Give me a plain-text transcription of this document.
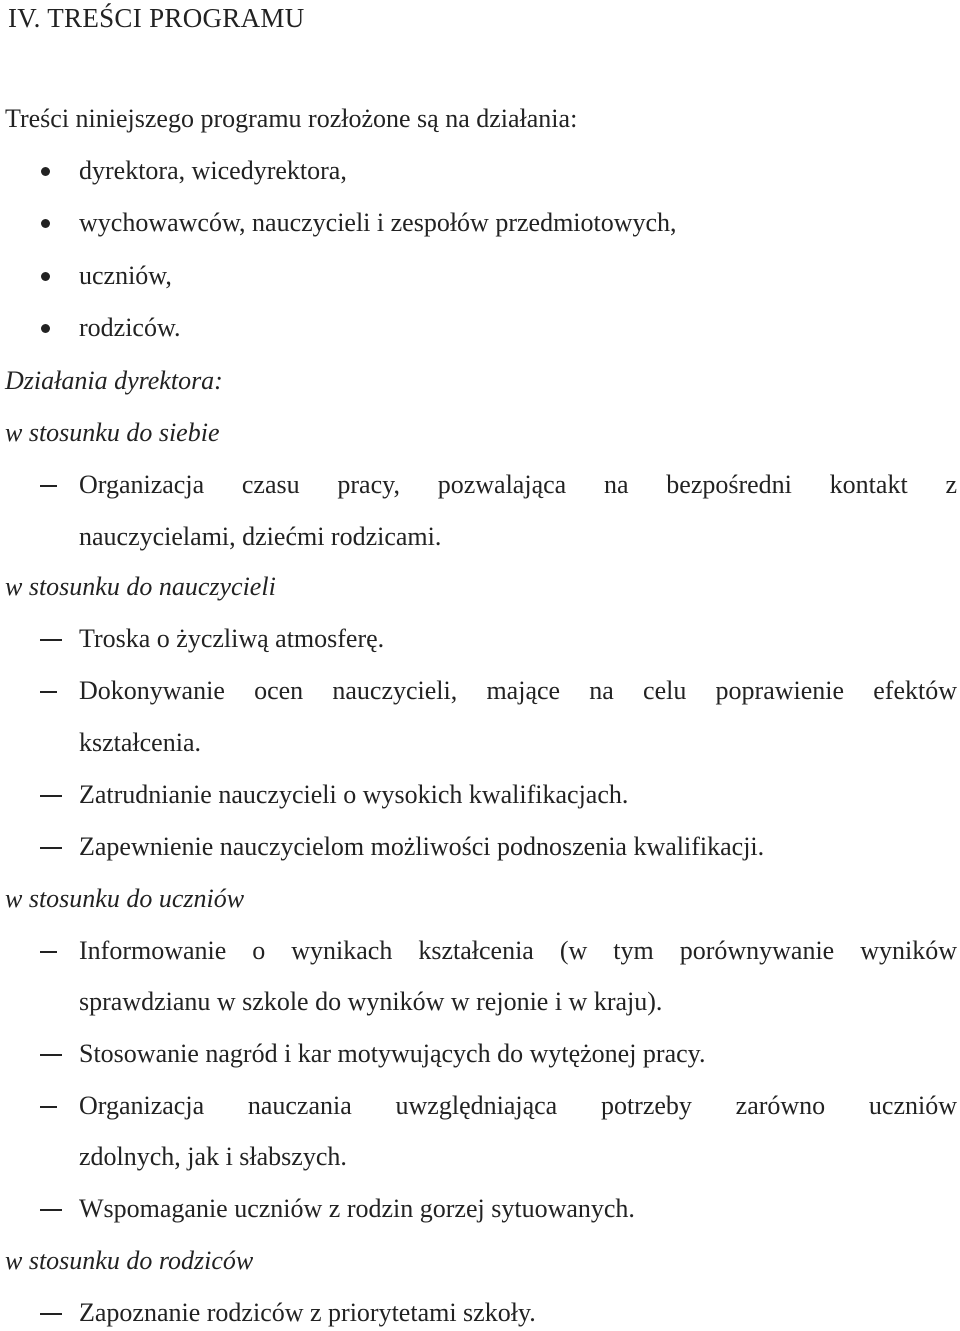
IV. TREŚCI PROGRAMU
Treści niniejszego programu rozłożone są na działania:
dyrektora, wicedyrektora,
wychowawców, nauczycieli i zespołów przedmiotowych,
uczniów,
rodziców.
Działania dyrektora:
w stosunku do siebie
Organizacja czasu pracy, pozwalająca na bezpośredni kontakt z
nauczycielami, dziećmi rodzicami.
w stosunku do nauczycieli
Troska o życzliwą atmosferę.
Dokonywanie ocen nauczycieli, mające na celu poprawienie efektów
kształcenia.
Zatrudnianie nauczycieli o wysokich kwalifikacjach.
Zapewnienie nauczycielom możliwości podnoszenia kwalifikacji.
w stosunku do uczniów
Informowanie o wynikach kształcenia (w tym porównywanie wyników
sprawdzianu w szkole do wyników w rejonie i w kraju).
Stosowanie nagród i kar motywujących do wytężonej pracy.
Organizacja nauczania uwzględniająca potrzeby zarówno uczniów
zdolnych, jak i słabszych.
Wspomaganie uczniów z rodzin gorzej sytuowanych.
w stosunku do rodziców
Zapoznanie rodziców z priorytetami szkoły.
